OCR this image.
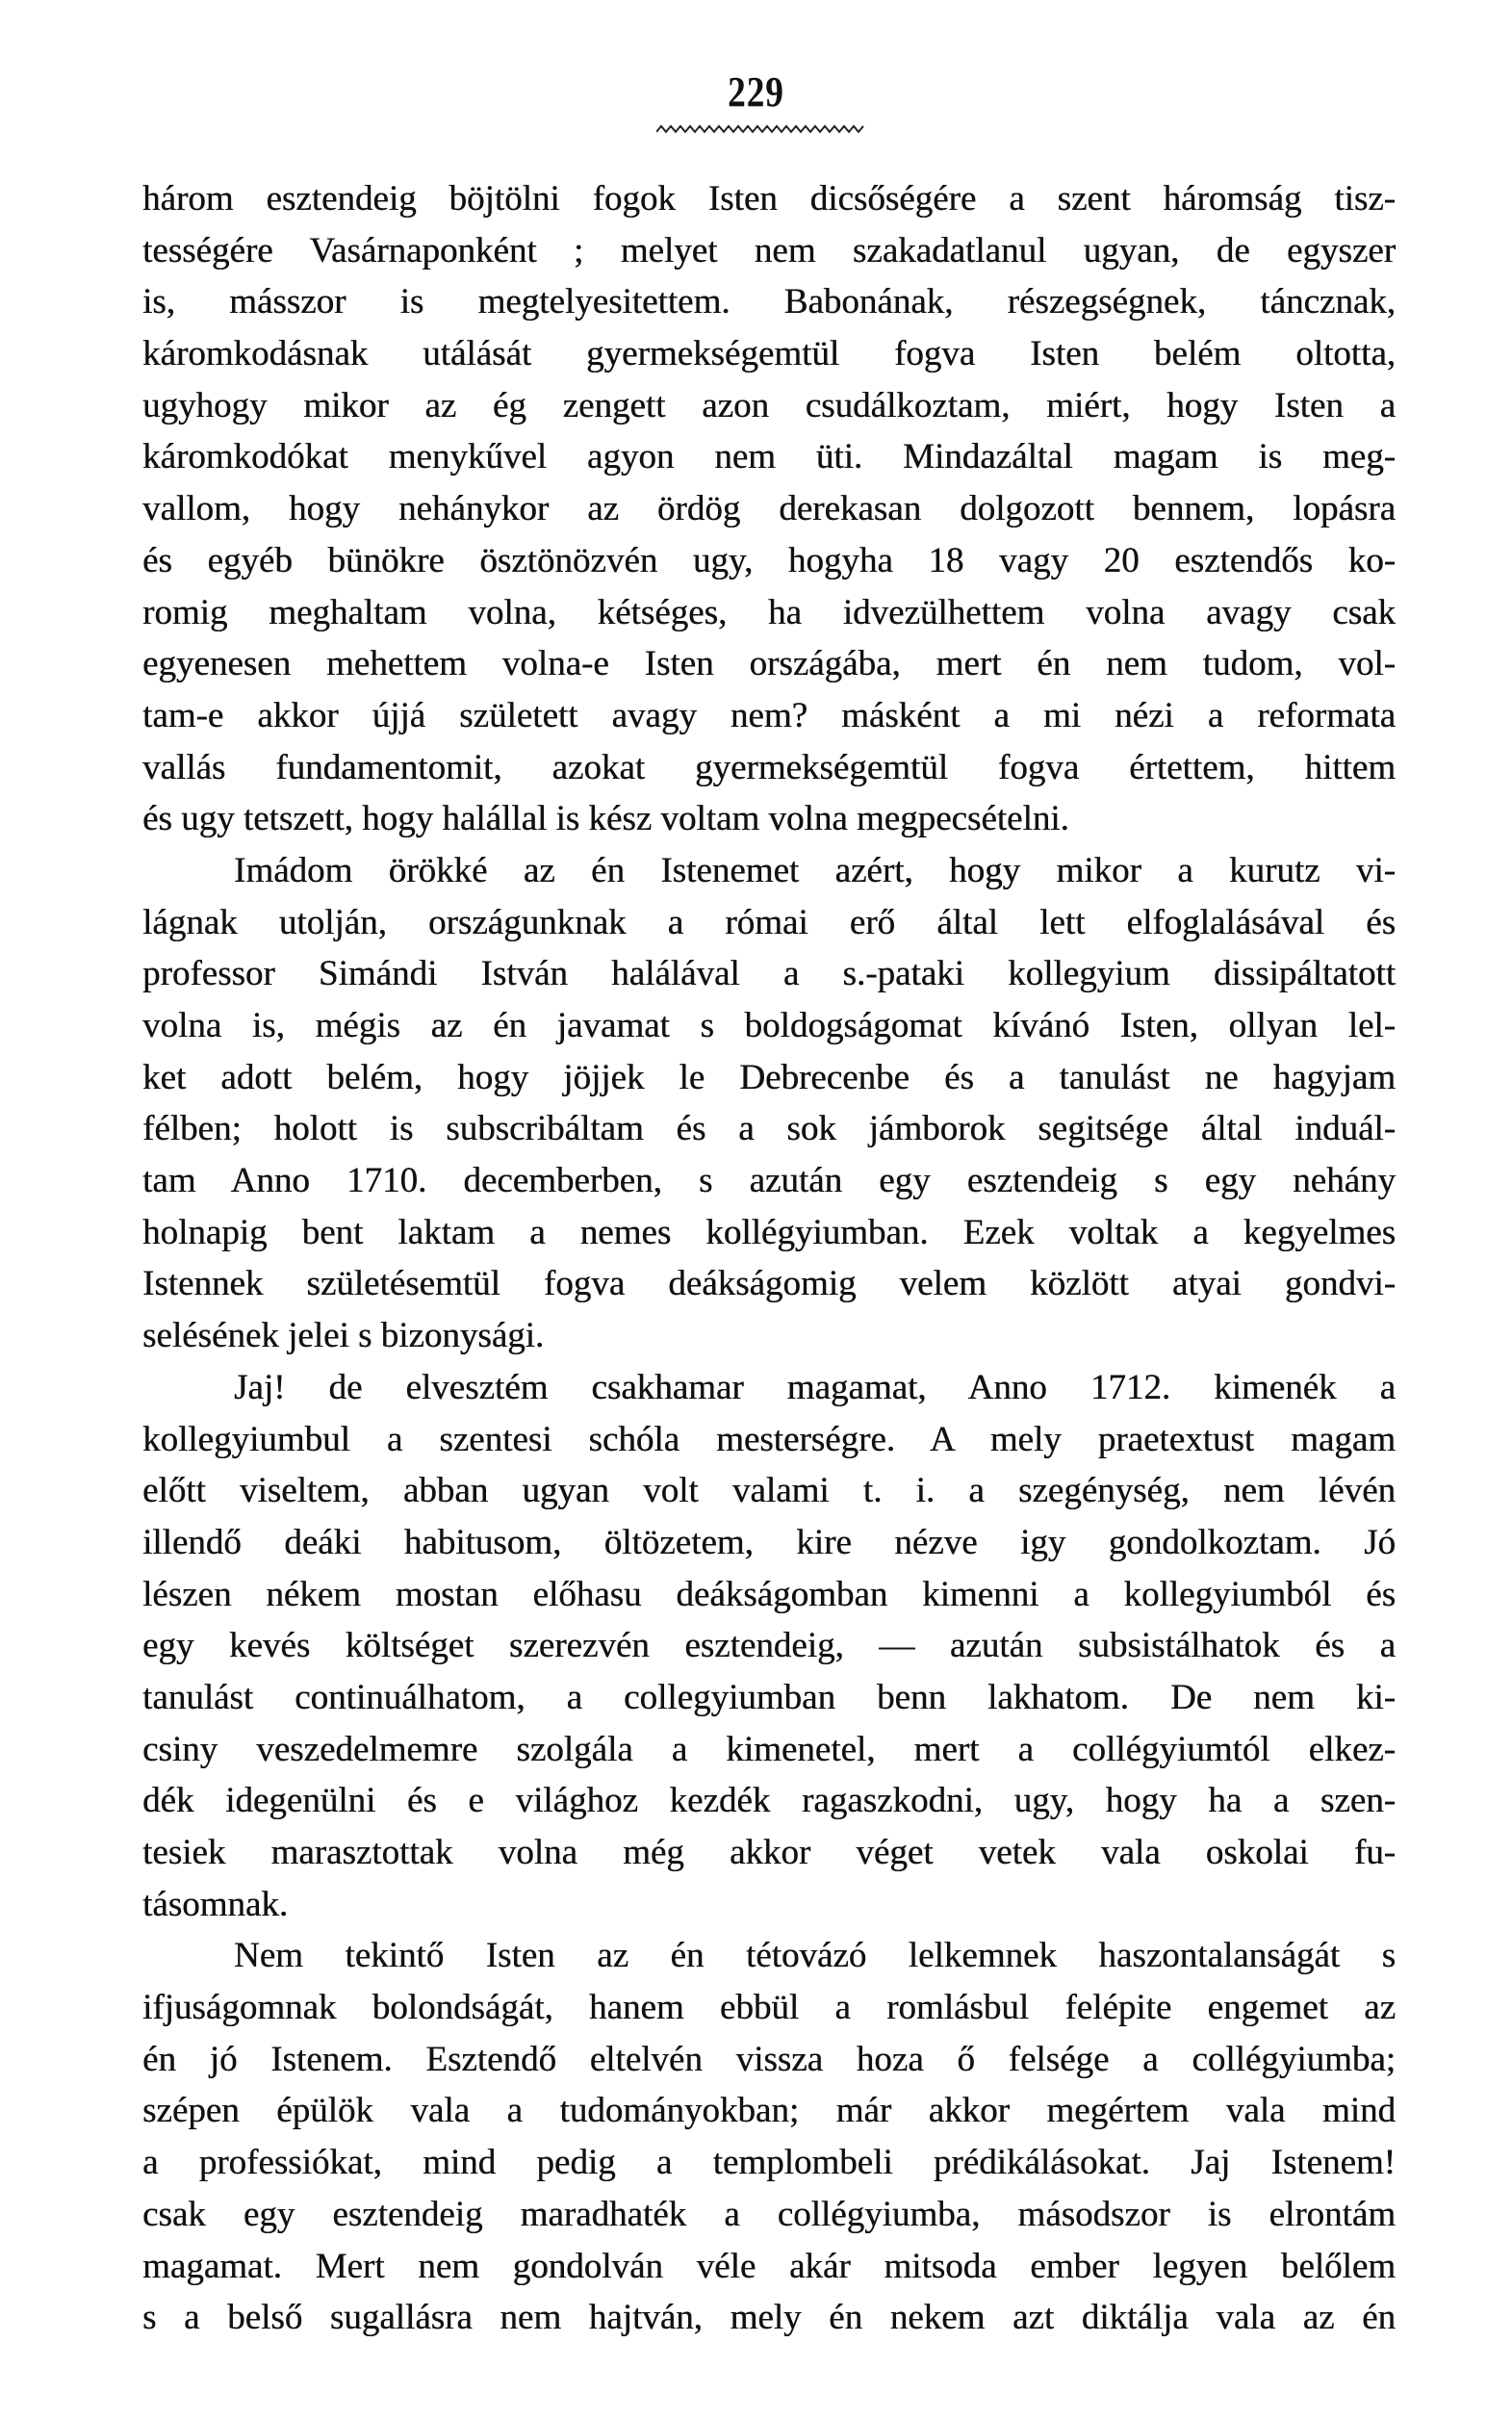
229
három esztendeig böjtölni fogok Isten dicsőségére a szent háromság tisz-
tességére Vasárnaponként ; melyet nem szakadatlanul ugyan, de egyszer
is, másszor is megtelyesitettem. Babonának, részegségnek, táncznak,
káromkodásnak utálását gyermekségemtül fogva Isten belém oltotta,
ugyhogy mikor az ég zengett azon csudálkoztam, miért, hogy Isten a
káromkodókat menykűvel agyon nem üti. Mindazáltal magam is meg-
vallom, hogy nehánykor az ördög derekasan dolgozott bennem, lopásra
és egyéb bünökre ösztönözvén ugy, hogyha 18 vagy 20 esztendős ko-
romig meghaltam volna, kétséges, ha idvezülhettem volna avagy csak
egyenesen mehettem volna-e Isten országába, mert én nem tudom, vol-
tam-e akkor újjá született avagy nem? másként a mi nézi a reformata
vallás fundamentomit, azokat gyermekségemtül fogva értettem, hittem
és ugy tetszett, hogy halállal is kész voltam volna megpecsételni.
Imádom örökké az én Istenemet azért, hogy mikor a kurutz vi-
lágnak utolján, országunknak a római erő által lett elfoglalásával és
professor Simándi István halálával a s.-pataki kollegyium dissipáltatott
volna is, mégis az én javamat s boldogságomat kívánó Isten, ollyan lel-
ket adott belém, hogy jöjjek le Debrecenbe és a tanulást ne hagyjam
félben; holott is subscribáltam és a sok jámborok segitsége által induál-
tam Anno 1710. decemberben, s azután egy esztendeig s egy nehány
holnapig bent laktam a nemes kollégyiumban. Ezek voltak a kegyelmes
Istennek születésemtül fogva deákságomig velem közlött atyai gondvi-
selésének jelei s bizonysági.
Jaj! de elvesztém csakhamar magamat, Anno 1712. kimenék a
kollegyiumbul a szentesi schóla mesterségre. A mely praetextust magam
előtt viseltem, abban ugyan volt valami t. i. a szegénység, nem lévén
illendő deáki habitusom, öltözetem, kire nézve igy gondolkoztam. Jó
lészen nékem mostan előhasu deákságomban kimenni a kollegyiumból és
egy kevés költséget szerezvén esztendeig, — azután subsistálhatok és a
tanulást continuálhatom, a collegyiumban benn lakhatom. De nem ki-
csiny veszedelmemre szolgála a kimenetel, mert a collégyiumtól elkez-
dék idegenülni és e világhoz kezdék ragaszkodni, ugy, hogy ha a szen-
tesiek marasztottak volna még akkor véget vetek vala oskolai fu-
tásomnak.
Nem tekintő Isten az én tétovázó lelkemnek haszontalanságát s
ifjuságomnak bolondságát, hanem ebbül a romlásbul felépite engemet az
én jó Istenem. Esztendő eltelvén vissza hoza ő felsége a collégyiumba;
szépen épülök vala a tudományokban; már akkor megértem vala mind
a professiókat, mind pedig a templombeli prédikálásokat. Jaj Istenem!
csak egy esztendeig maradhaték a collégyiumba, másodszor is elrontám
magamat. Mert nem gondolván véle akár mitsoda ember legyen belőlem
s a belső sugallásra nem hajtván, mely én nekem azt diktálja vala az én
